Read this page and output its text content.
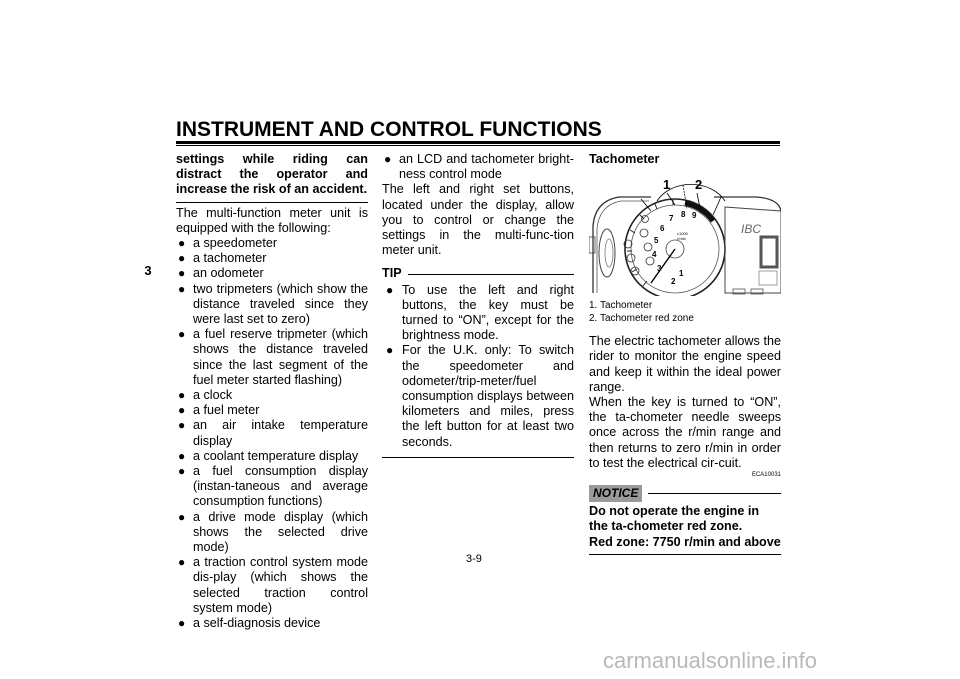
INSTRUMENT AND CONTROL FUNCTIONS
3

settings while riding can distract the operator and increase the risk of an accident.

The multi-function meter unit is equipped with the following:

● a speedometer
● a tachometer
● an odometer
● two tripmeters (which show the distance traveled since they were last set to zero)
● a fuel reserve tripmeter (which shows the distance traveled since the last segment of the fuel meter started flashing)
● a clock
● a fuel meter
● an air intake temperature display
● a coolant temperature display
● a fuel consumption display (instan-taneous and average consumption functions)
● a drive mode display (which shows the selected drive mode)
● a traction control system mode dis-play (which shows the selected traction control system mode)
● a self-diagnosis device
● an LCD and tachometer bright-ness control mode

The left and right set buttons, located under the display, allow you to control or change the settings in the multi-func-tion meter unit.

TIP
● To use the left and right buttons, the key must be turned to “ON”, except for the brightness mode.
● For the U.K. only: To switch the speedometer and odometer/trip-meter/fuel consumption displays between kilometers and miles, press the left button for at least two seconds.

Tachometer

1 2
1
2
3
4
5
6
7 8 9
x1000
r/min
IBC
1. Tachometer
2. Tachometer red zone

The electric tachometer allows the rider to monitor the engine speed and keep it within the ideal power range.

When the key is turned to “ON”, the ta-chometer needle sweeps once across the r/min range and then returns to zero r/min in order to test the electrical cir-cuit.

ECA10031
NOTICE

Do not operate the engine in the ta-chometer red zone.

Red zone: 7750 r/min and above

3-9
carmanualsonline.info
